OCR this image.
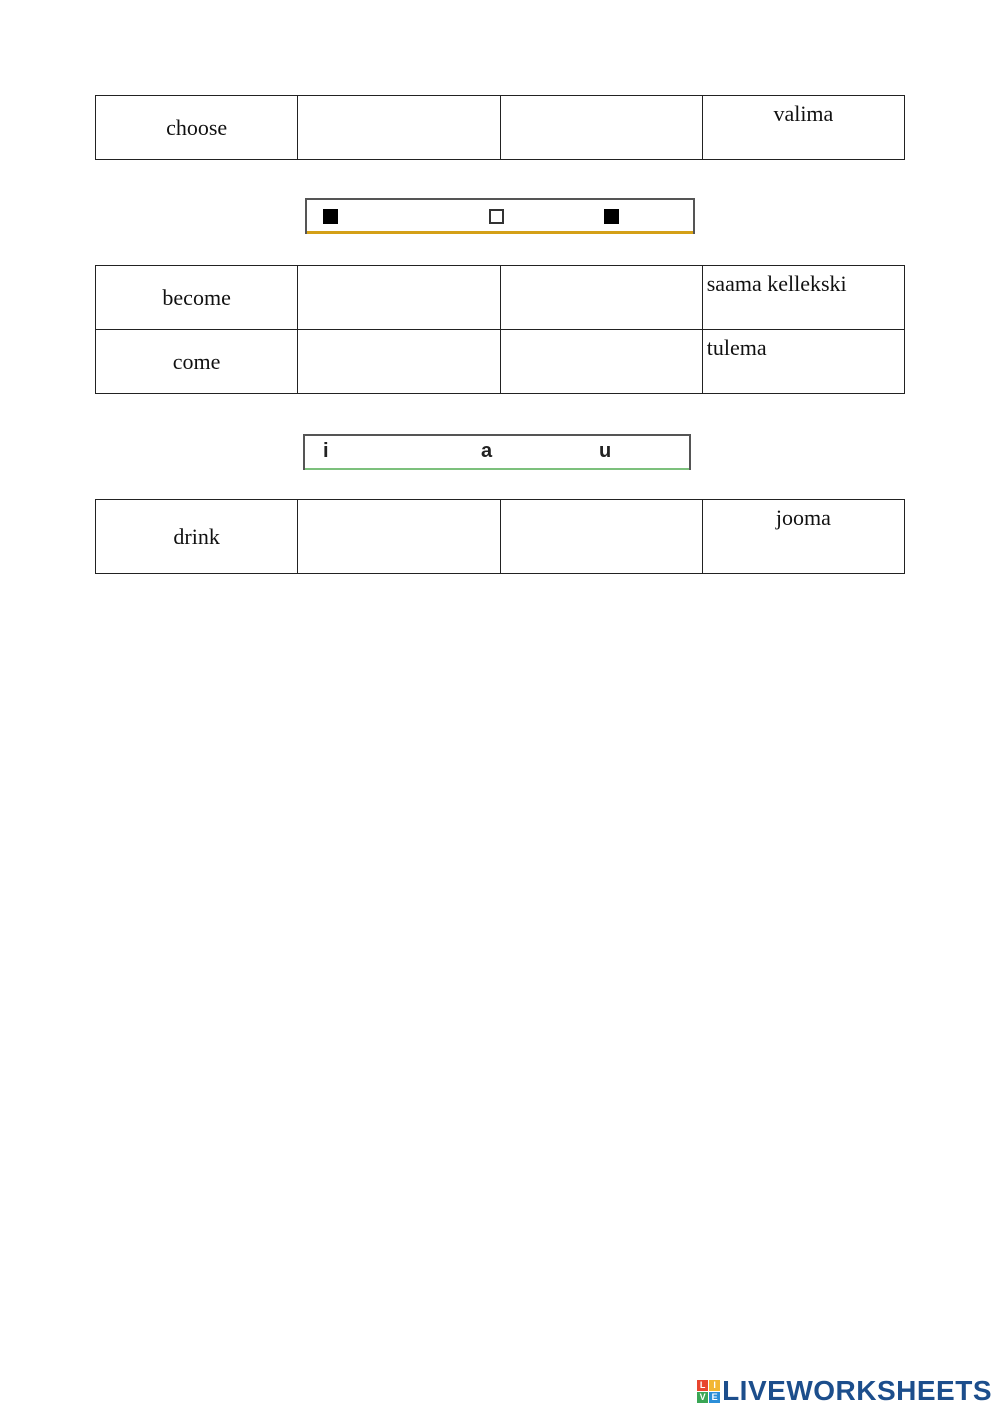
choose			valima
become			saama kellekski
come			tulema
i	a	u
drink			jooma
L I
V E LIVEWORKSHEETS
